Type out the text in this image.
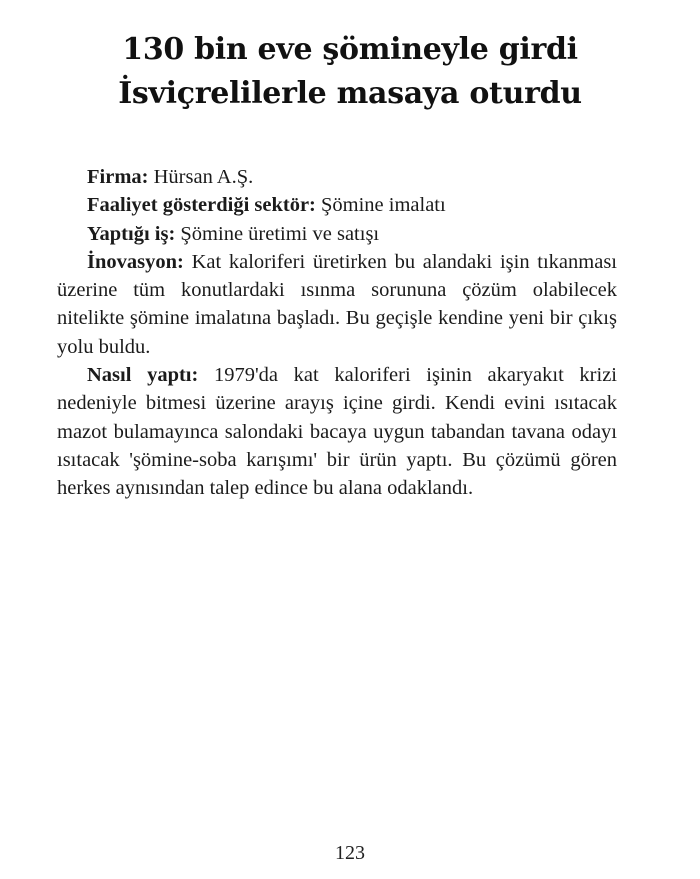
130 bin eve şömineyle girdi
İsviçrelilerle masaya oturdu

Firma: Hürsan A.Ş.

Faaliyet gösterdiği sektör: Şömine imalatı

Yaptığı iş: Şömine üretimi ve satışı

İnovasyon: Kat kaloriferi üretirken bu alandaki işin tıkanması üzerine tüm konutlardaki ısınma sorununa çözüm olabilecek nitelikte şömine imalatına başladı. Bu geçişle kendine yeni bir çıkış yolu buldu.

Nasıl yaptı: 1979'da kat kaloriferi işinin akaryakıt krizi nedeniyle bitmesi üzerine arayış içine girdi. Kendi evini ısıtacak mazot bulamayınca salondaki bacaya uygun tabandan tavana odayı ısıtacak 'şömine-soba karışımı' bir ürün yaptı. Bu çözümü gören herkes aynısından talep edince bu alana odaklandı.

123
